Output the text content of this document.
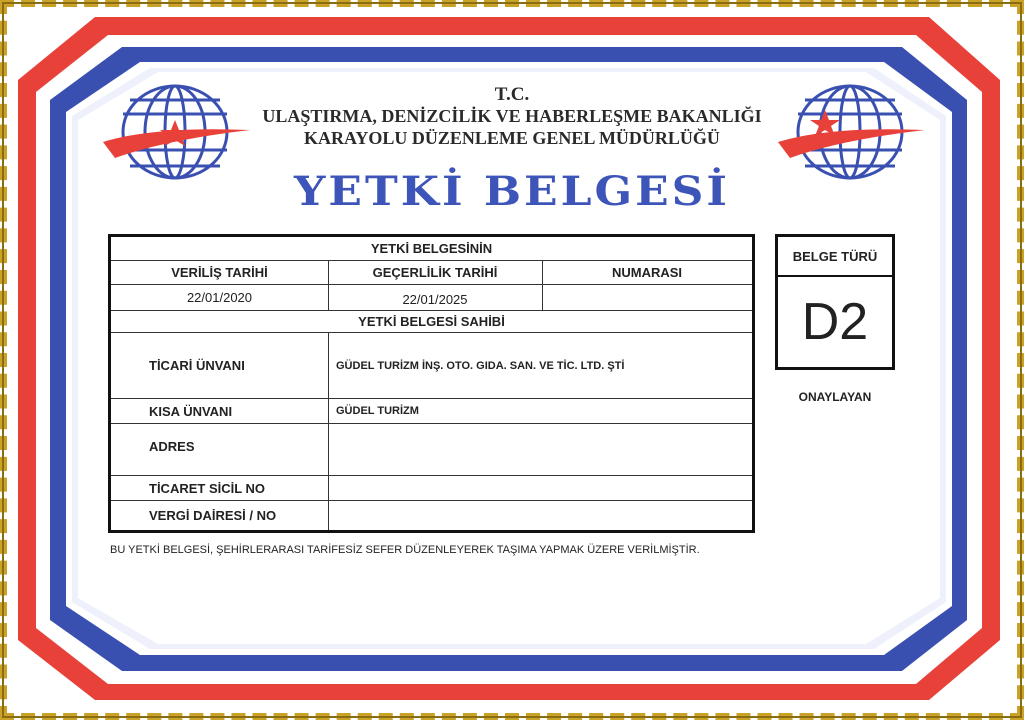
T.C.
ULAŞTIRMA, DENİZCİLİK VE HABERLEŞME BAKANLIĞI
KARAYOLU DÜZENLEME GENEL MÜDÜRLÜĞÜ
YETKİ BELGESİ
YETKİ BELGESİNİN
VERİLİŞ TARİHİ	GEÇERLİLİK TARİHİ	NUMARASI
22/01/2020	22/01/2025
YETKİ BELGESİ SAHİBİ
TİCARİ ÜNVANI	GÜDEL TURİZM İNŞ. OTO. GIDA. SAN. VE TİC. LTD. ŞTİ
KISA ÜNVANI	GÜDEL TURİZM
ADRES
TİCARET SİCİL NO
VERGİ DAİRESİ / NO
BELGE TÜRÜ
D2
ONAYLAYAN
BU YETKİ BELGESİ, ŞEHİRLERARASI TARİFESİZ SEFER DÜZENLEYEREK TAŞIMA YAPMAK ÜZERE VERİLMİŞTİR.
